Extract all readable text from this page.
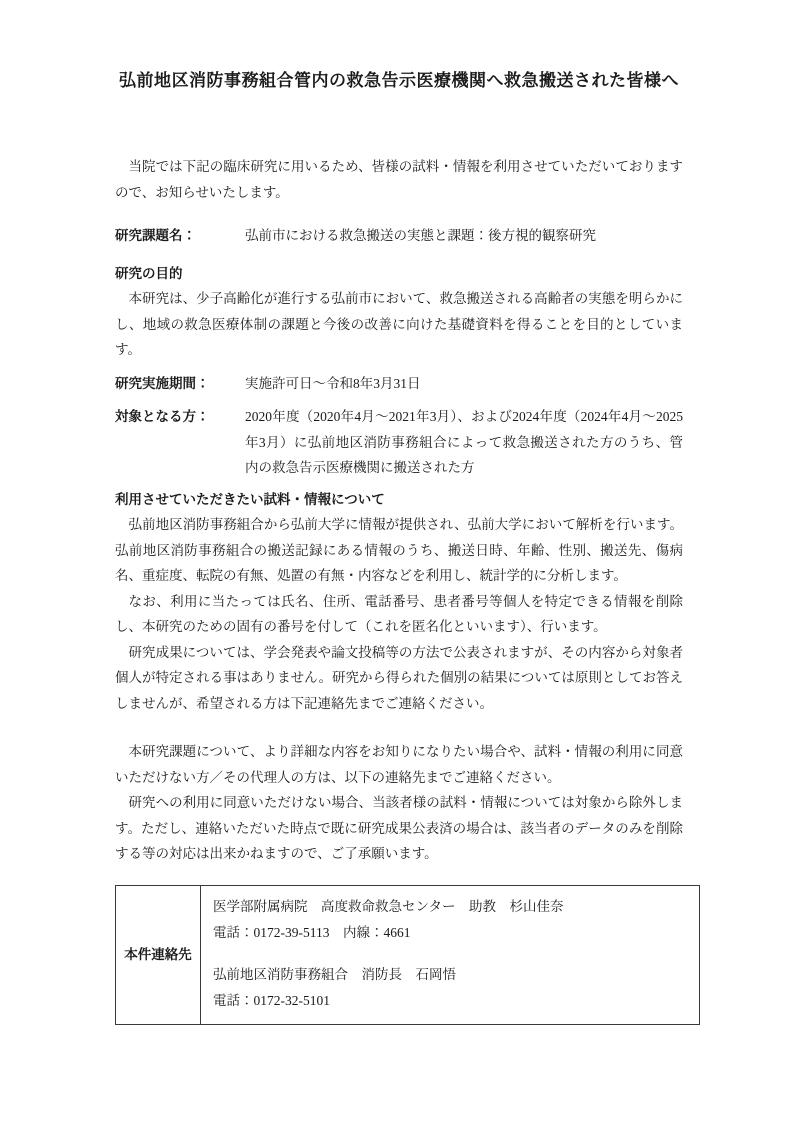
弘前地区消防事務組合管内の救急告示医療機関へ救急搬送された皆様へ

当院では下記の臨床研究に用いるため、皆様の試料・情報を利用させていただいておりますので、お知らせいたします。

研究課題名：	弘前市における救急搬送の実態と課題：後方視的観察研究
研究の目的

本研究は、少子高齢化が進行する弘前市において、救急搬送される高齢者の実態を明らかにし、地域の救急医療体制の課題と今後の改善に向けた基礎資料を得ることを目的としています。

研究実施期間：	実施許可日～令和8年3月31日
対象となる方：	2020年度（2020年4月～2021年3月）、および2024年度（2024年4月～2025年3月）に弘前地区消防事務組合によって救急搬送された方のうち、管内の救急告示医療機関に搬送された方
利用させていただきたい試料・情報について

弘前地区消防事務組合から弘前大学に情報が提供され、弘前大学において解析を行います。弘前地区消防事務組合の搬送記録にある情報のうち、搬送日時、年齢、性別、搬送先、傷病名、重症度、転院の有無、処置の有無・内容などを利用し、統計学的に分析します。

なお、利用に当たっては氏名、住所、電話番号、患者番号等個人を特定できる情報を削除し、本研究のための固有の番号を付して（これを匿名化といいます）、行います。

研究成果については、学会発表や論文投稿等の方法で公表されますが、その内容から対象者個人が特定される事はありません。研究から得られた個別の結果については原則としてお答えしませんが、希望される方は下記連絡先までご連絡ください。

本研究課題について、より詳細な内容をお知りになりたい場合や、試料・情報の利用に同意いただけない方／その代理人の方は、以下の連絡先までご連絡ください。

研究への利用に同意いただけない場合、当該者様の試料・情報については対象から除外します。ただし、連絡いただいた時点で既に研究成果公表済の場合は、該当者のデータのみを削除する等の対応は出来かねますので、ご了承願います。

本件連絡先	
医学部附属病院　高度救命救急センター　助教　杉山佳奈
電話：0172-39-5113　内線：4661
弘前地区消防事務組合　消防長　石岡悟
電話：0172-32-5101
